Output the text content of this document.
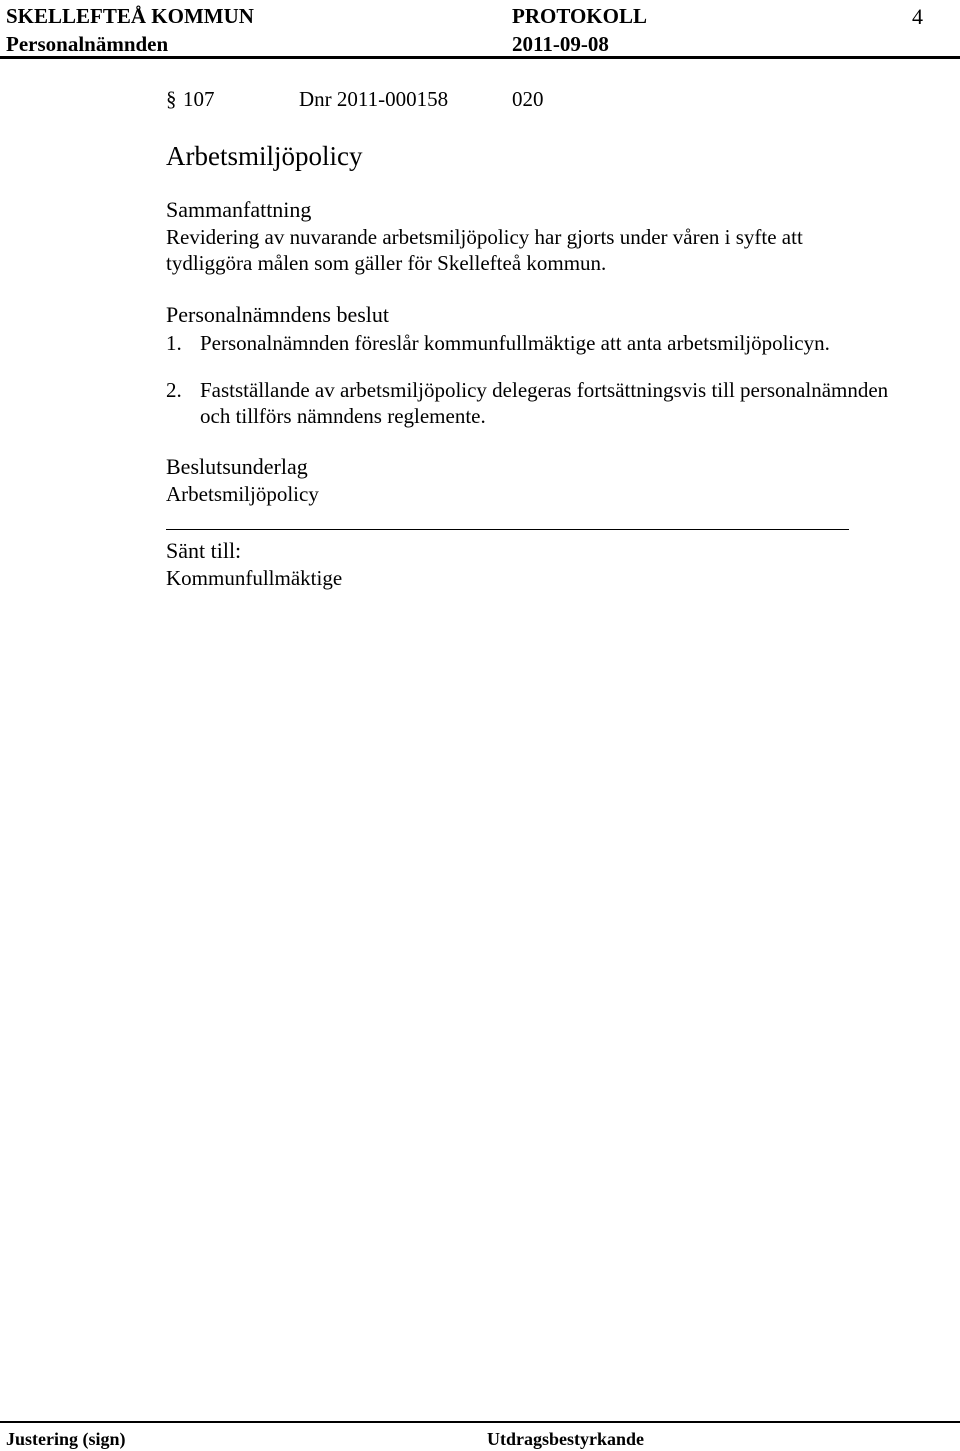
SKELLEFTEÅ KOMMUN
Personalnämnden
PROTOKOLL
2011-09-08
4
§ 107	Dnr 2011-000158	020
Arbetsmiljöpolicy
Sammanfattning
Revidering av nuvarande arbetsmiljöpolicy har gjorts under våren i syfte att
tydliggöra målen som gäller för Skellefteå kommun.
Personalnämndens beslut
1. Personalnämnden föreslår kommunfullmäktige att anta arbetsmiljöpolicyn.
2. Fastställande av arbetsmiljöpolicy delegeras fortsättningsvis till personalnämnden
och tillförs nämndens reglemente.
Beslutsunderlag
Arbetsmiljöpolicy
Sänt till:
Kommunfullmäktige
Justering (sign)	Utdragsbestyrkande
